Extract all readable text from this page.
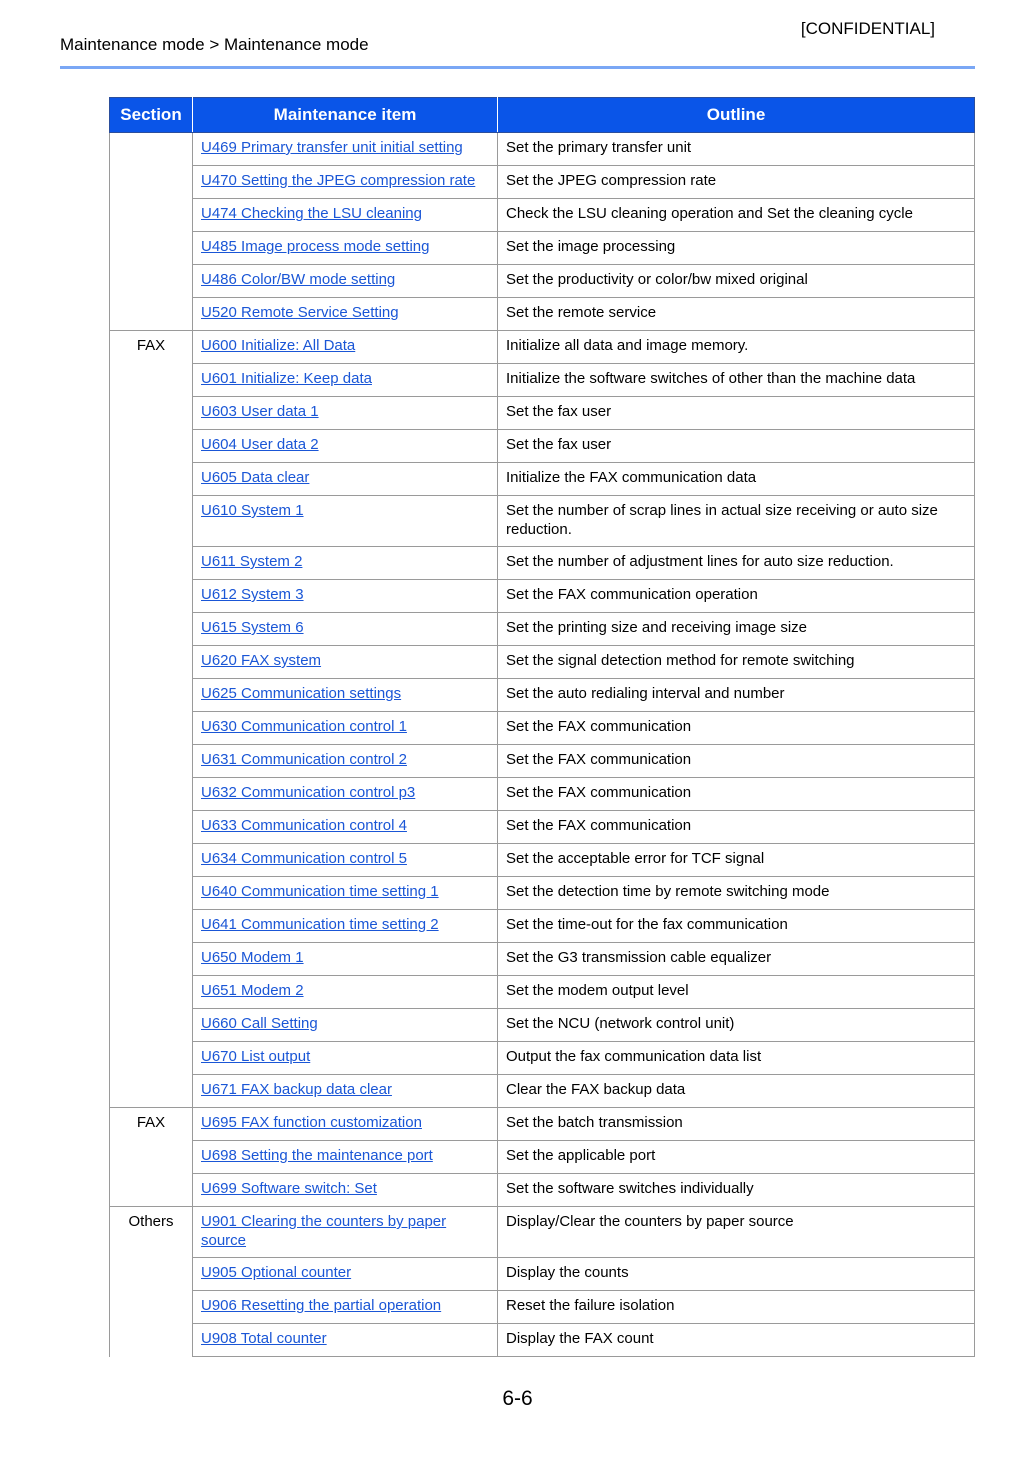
[CONFIDENTIAL]
Maintenance mode > Maintenance mode
Section	Maintenance item	Outline
	U469 Primary transfer unit initial setting	Set the primary transfer unit
	U470 Setting the JPEG compression rate	Set the JPEG compression rate
	U474 Checking the LSU cleaning	Check the LSU cleaning operation and Set the cleaning cycle
	U485 Image process mode setting	Set the image processing
	U486 Color/BW mode setting	Set the productivity or color/bw mixed original
	U520 Remote Service Setting	Set the remote service
FAX	U600 Initialize: All Data	Initialize all data and image memory.
	U601 Initialize: Keep data	Initialize the software switches of other than the machine data
	U603 User data 1	Set the fax user
	U604 User data 2	Set the fax user
	U605 Data clear	Initialize the FAX communication data
	U610 System 1	Set the number of scrap lines in actual size receiving or auto size reduction.
	U611 System 2	Set the number of adjustment lines for auto size reduction.
	U612 System 3	Set the FAX communication operation
	U615 System 6	Set the printing size and receiving image size
	U620 FAX system	Set the signal detection method for remote switching
	U625 Communication settings	Set the auto redialing interval and number
	U630 Communication control 1	Set the FAX communication
	U631 Communication control 2	Set the FAX communication
	U632 Communication control p3	Set the FAX communication
	U633 Communication control 4	Set the FAX communication
	U634 Communication control 5	Set the acceptable error for TCF signal
	U640 Communication time setting 1	Set the detection time by remote switching mode
	U641 Communication time setting 2	Set the time-out for the fax communication
	U650 Modem 1	Set the G3 transmission cable equalizer
	U651 Modem 2	Set the modem output level
	U660 Call Setting	Set the NCU (network control unit)
	U670 List output	Output the fax communication data list
	U671 FAX backup data clear	Clear the FAX backup data
FAX	U695 FAX function customization	Set the batch transmission
	U698 Setting the maintenance port	Set the applicable port
	U699 Software switch: Set	Set the software switches individually
Others	U901 Clearing the counters by paper source	Display/Clear the counters by paper source
	U905 Optional counter	Display the counts
	U906 Resetting the partial operation	Reset the failure isolation
	U908 Total counter	Display the FAX count
6-6
